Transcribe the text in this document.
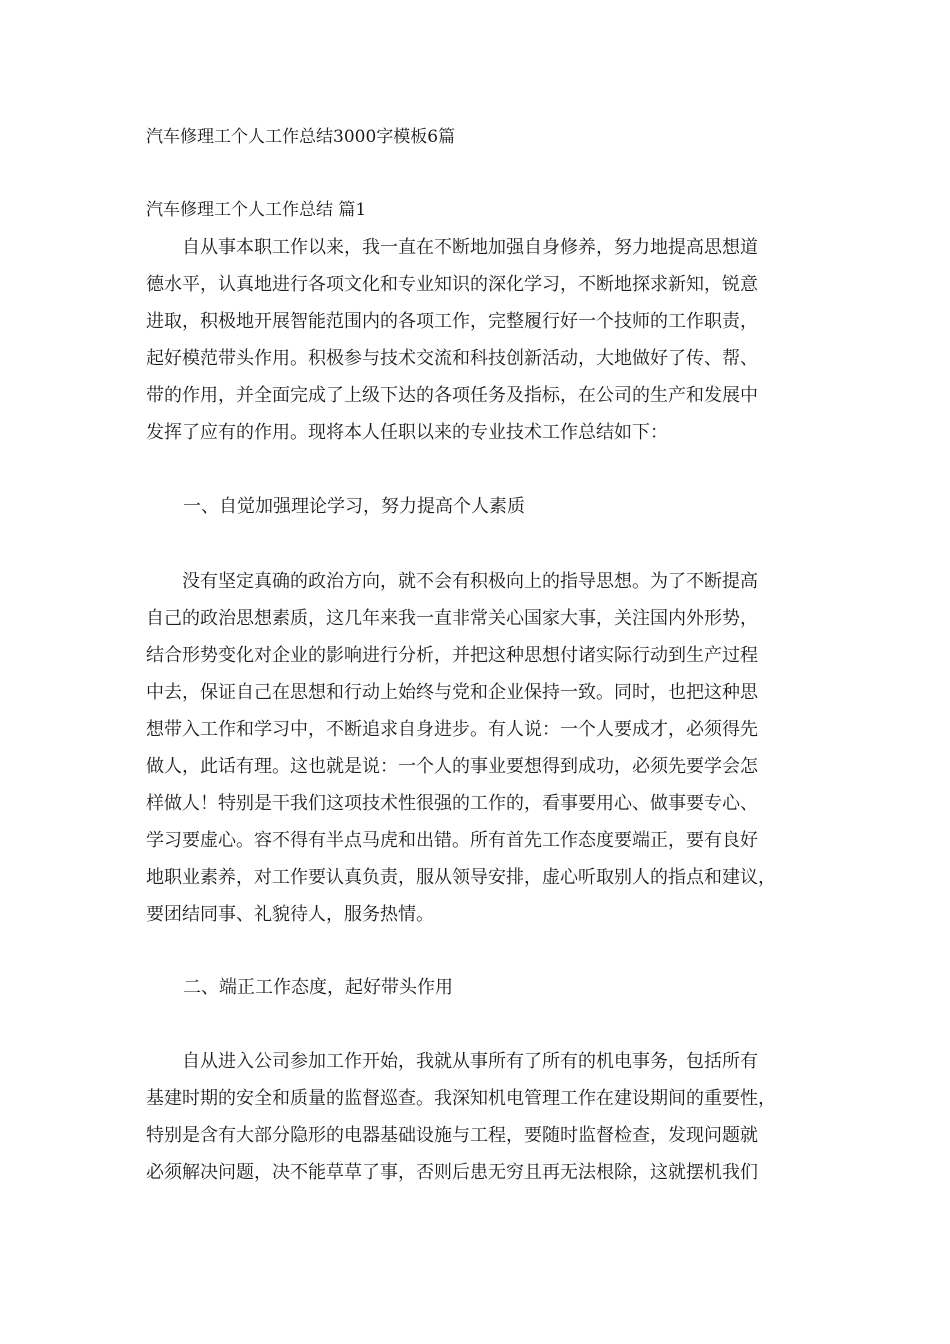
汽车修理工个人工作总结3000字模板6篇
汽车修理工个人工作总结 篇1

　　自从事本职工作以来，我一直在不断地加强自身修养，努力地提高思想道
德水平，认真地进行各项文化和专业知识的深化学习，不断地探求新知，锐意
进取，积极地开展智能范围内的各项工作，完整履行好一个技师的工作职责，
起好模范带头作用。积极参与技术交流和科技创新活动，大地做好了传、帮、
带的作用，并全面完成了上级下达的各项任务及指标，在公司的生产和发展中
发挥了应有的作用。现将本人任职以来的专业技术工作总结如下：

一、自觉加强理论学习，努力提高个人素质

　　没有坚定真确的政治方向，就不会有积极向上的指导思想。为了不断提高
自己的政治思想素质，这几年来我一直非常关心国家大事，关注国内外形势，
结合形势变化对企业的影响进行分析，并把这种思想付诸实际行动到生产过程
中去，保证自己在思想和行动上始终与党和企业保持一致。同时，也把这种思
想带入工作和学习中，不断追求自身进步。有人说：一个人要成才，必须得先
做人，此话有理。这也就是说：一个人的事业要想得到成功，必须先要学会怎
样做人！特别是干我们这项技术性很强的工作的，看事要用心、做事要专心、
学习要虚心。容不得有半点马虎和出错。所有首先工作态度要端正，要有良好
地职业素养，对工作要认真负责，服从领导安排，虚心听取别人的指点和建议，
要团结同事、礼貌待人，服务热情。

二、端正工作态度，起好带头作用

　　自从进入公司参加工作开始，我就从事所有了所有的机电事务，包括所有
基建时期的安全和质量的监督巡查。我深知机电管理工作在建设期间的重要性，
特别是含有大部分隐形的电器基础设施与工程，要随时监督检查，发现问题就
必须解决问题，决不能草草了事，否则后患无穷且再无法根除，这就摆机我们
